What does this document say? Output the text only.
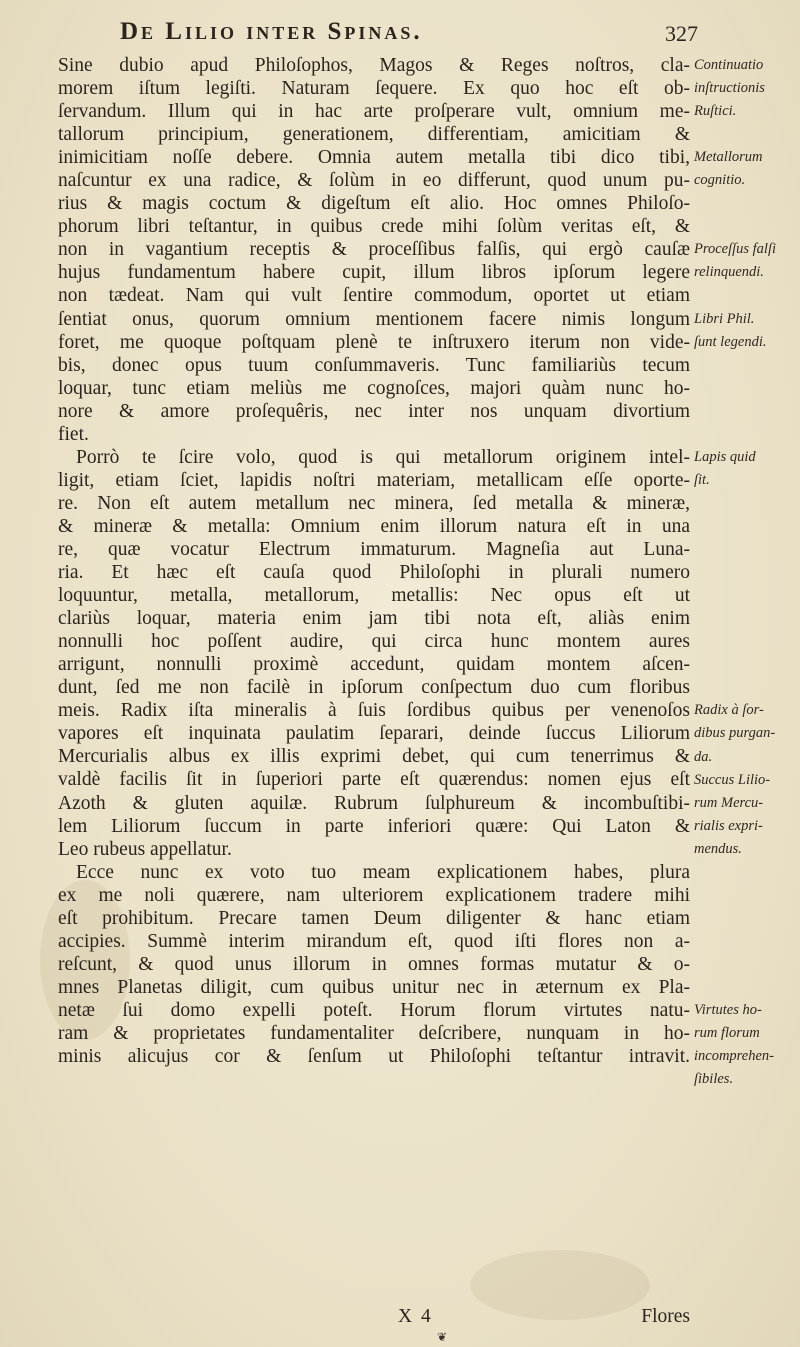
De Lilio inter Spinas.	327
Sine dubio apud Philoſophos, Magos & Reges noſtros, cla-
morem iſtum legiſti. Naturam ſequere. Ex quo hoc eſt ob-
ſervandum. Illum qui in hac arte proſperare vult, omnium me-
tallorum principium, generationem, differentiam, amicitiam &
inimicitiam noſſe debere. Omnia autem metalla tibi dico tibi,
naſcuntur ex una radice, & ſolùm in eo differunt, quod unum pu-
rius & magis coctum & digeſtum eſt alio. Hoc omnes Philoſo-
phorum libri teſtantur, in quibus crede mihi ſolùm veritas eſt, &
non in vagantium receptis & proceſſibus falſis, qui ergò cauſæ
hujus fundamentum habere cupit, illum libros ipſorum legere
non tædeat. Nam qui vult ſentire commodum, oportet ut etiam
ſentiat onus, quorum omnium mentionem facere nimis longum
foret, me quoque poſtquam plenè te inſtruxero iterum non vide-
bis, donec opus tuum conſummaveris. Tunc familiariùs tecum
loquar, tunc etiam meliùs me cognoſces, majori quàm nunc ho-
nore & amore proſequêris, nec inter nos unquam divortium
fiet.
Porrò te ſcire volo, quod is qui metallorum originem intel-
ligit, etiam ſciet, lapidis noſtri materiam, metallicam eſſe oporte-
re. Non eſt autem metallum nec minera, ſed metalla & mineræ,
& mineræ & metalla: Omnium enim illorum natura eſt in una
re, quæ vocatur Electrum immaturum. Magneſia aut Luna-
ria. Et hæc eſt cauſa quod Philoſophi in plurali numero
loquuntur, metalla, metallorum, metallis: Nec opus eſt ut
clariùs loquar, materia enim jam tibi nota eſt, aliàs enim
nonnulli hoc poſſent audire, qui circa hunc montem aures
arrigunt, nonnulli proximè accedunt, quidam montem aſcen-
dunt, ſed me non facilè in ipſorum conſpectum duo cum floribus
meis. Radix iſta mineralis à ſuis ſordibus quibus per venenoſos
vapores eſt inquinata paulatim ſeparari, deinde ſuccus Liliorum
Mercurialis albus ex illis exprimi debet, qui cum tenerrimus &
valdè facilis ſit in ſuperiori parte eſt quærendus: nomen ejus eſt
Azoth & gluten aquilæ. Rubrum ſulphureum & incombuſtibi-
lem Liliorum ſuccum in parte inferiori quære: Qui Laton &
Leo rubeus appellatur.
Ecce nunc ex voto tuo meam explicationem habes, plura
ex me noli quærere, nam ulteriorem explicationem tradere mihi
eſt prohibitum. Precare tamen Deum diligenter & hanc etiam
accipies. Summè interim mirandum eſt, quod iſti flores non a-
reſcunt, & quod unus illorum in omnes formas mutatur & o-
mnes Planetas diligit, cum quibus unitur nec in æternum ex Pla-
netæ ſui domo expelli poteſt. Horum florum virtutes natu-
ram & proprietates fundamentaliter deſcribere, nunquam in ho-
minis alicujus cor & ſenſum ut Philoſophi teſtantur intravit.
Continuatio
inſtructionis
Ruſtici.
Metallorum
cognitio.
Proceſſus falſi
relinquendi.
Libri Phil.
ſunt legendi.
Lapis quid
ſit.
Radix à ſor-
dibus purgan-
da.
Succus Lilio-
rum Mercu-
rialis expri-
mendus.
Virtutes ho-
rum florum
incomprehen-
ſibiles.
X 4	Flores
❦
